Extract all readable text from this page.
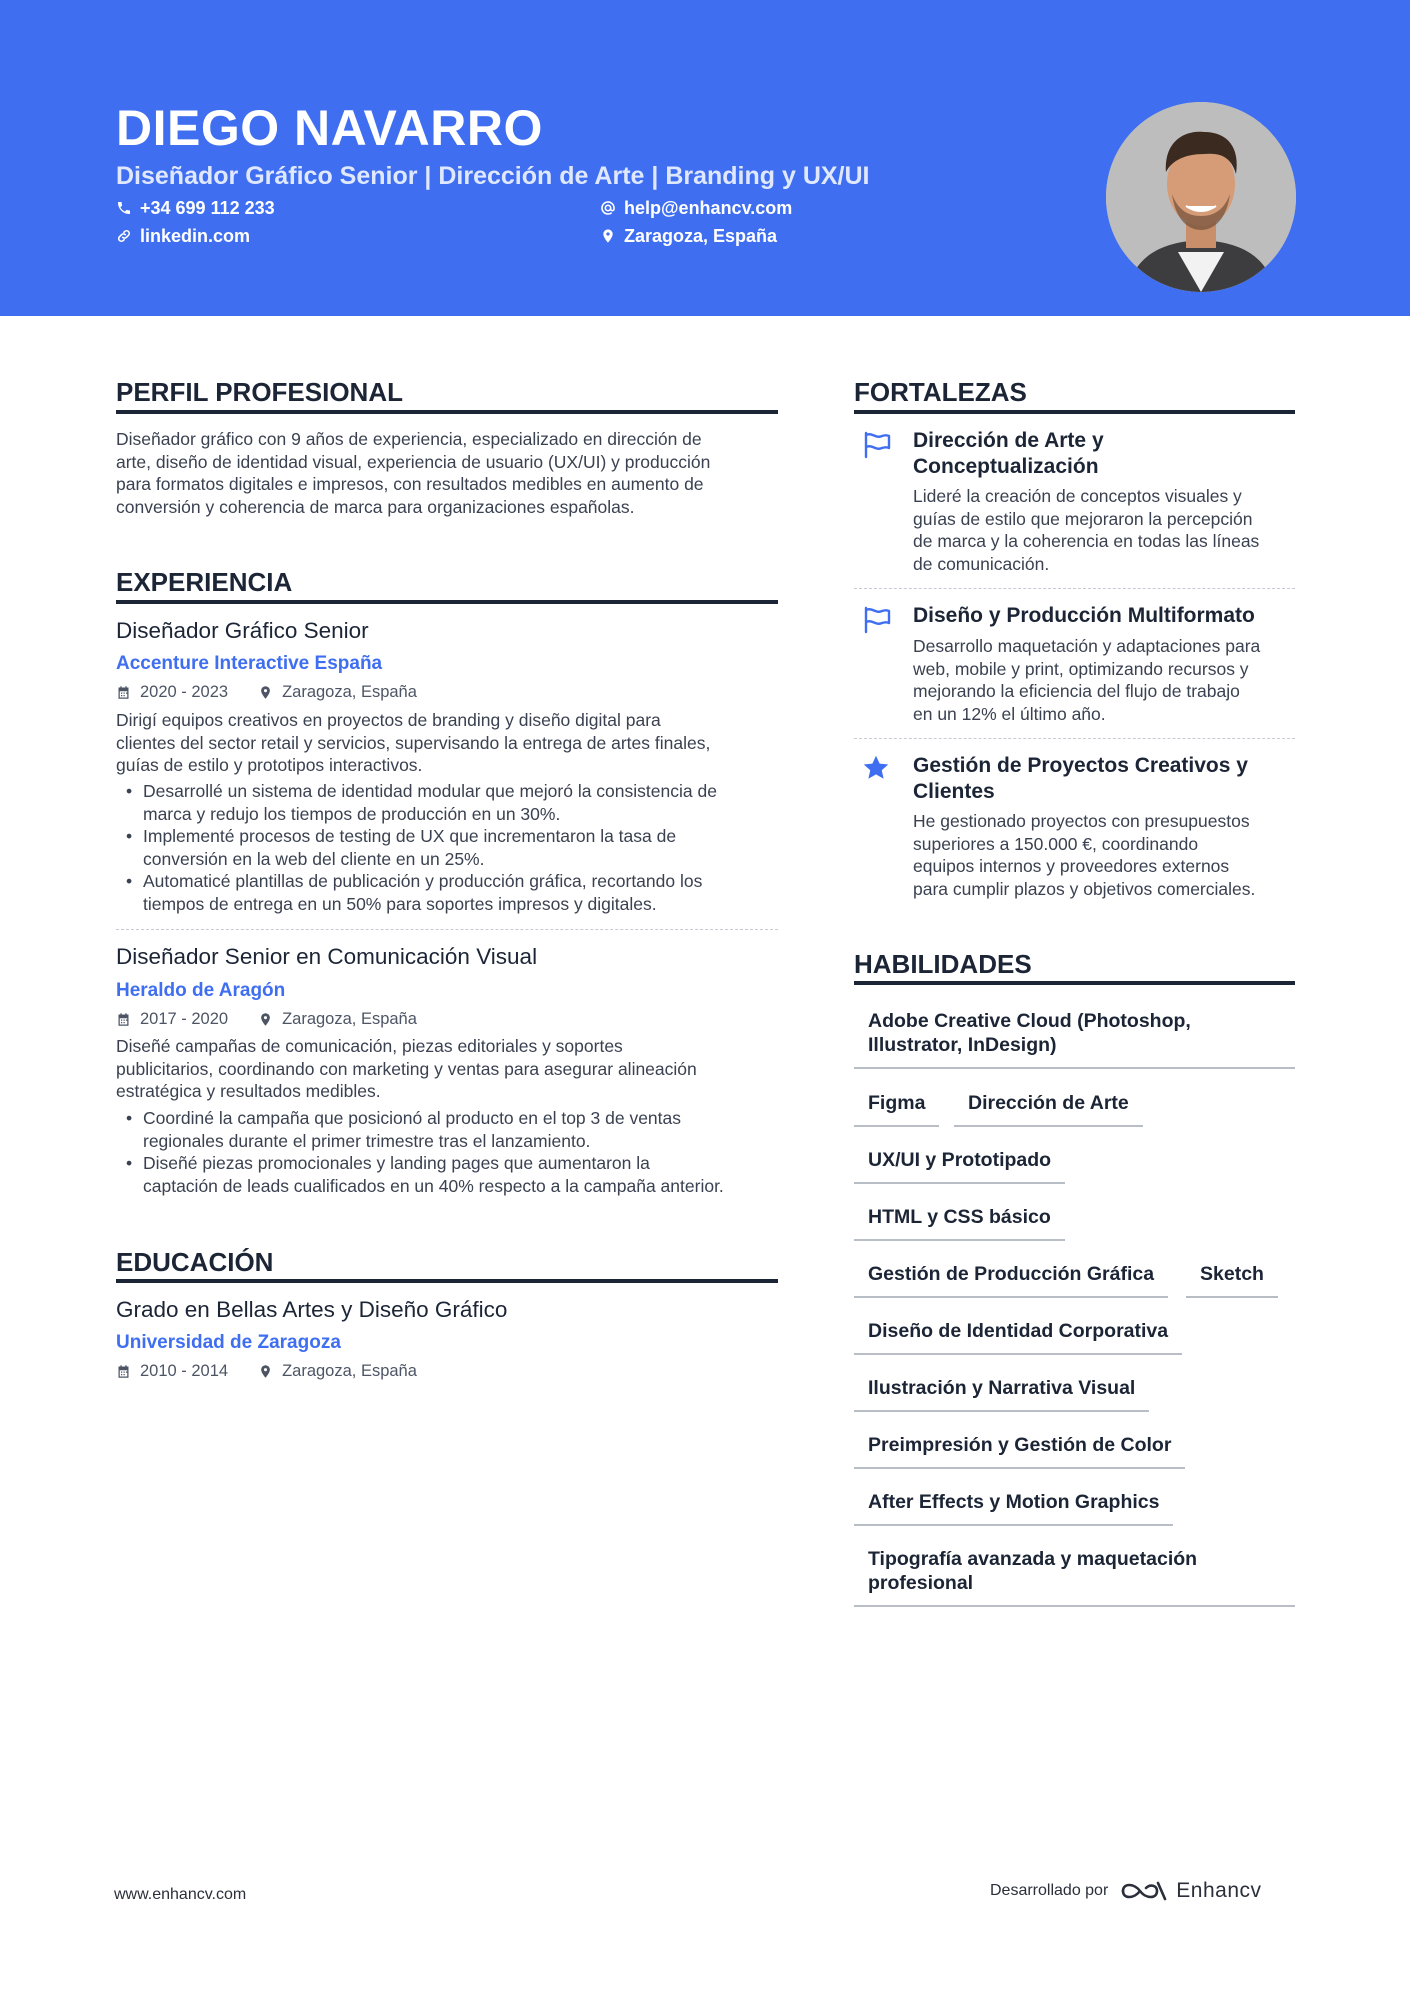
DIEGO NAVARRO
Diseñador Gráfico Senior | Dirección de Arte | Branding y UX/UI
+34 699 112 233	help@enhancv.com
linkedin.com	Zaragoza, España
PERFIL PROFESIONAL
Diseñador gráfico con 9 años de experiencia, especializado en dirección de
arte, diseño de identidad visual, experiencia de usuario (UX/UI) y producción
para formatos digitales e impresos, con resultados medibles en aumento de
conversión y coherencia de marca para organizaciones españolas.
EXPERIENCIA
Diseñador Gráfico Senior
Accenture Interactive España
2020 - 2023	Zaragoza, España
Dirigí equipos creativos en proyectos de branding y diseño digital para
clientes del sector retail y servicios, supervisando la entrega de artes finales,
guías de estilo y prototipos interactivos.
• Desarrollé un sistema de identidad modular que mejoró la consistencia de
marca y redujo los tiempos de producción en un 30%.
• Implementé procesos de testing de UX que incrementaron la tasa de
conversión en la web del cliente en un 25%.
• Automaticé plantillas de publicación y producción gráfica, recortando los
tiempos de entrega en un 50% para soportes impresos y digitales.
Diseñador Senior en Comunicación Visual
Heraldo de Aragón
2017 - 2020	Zaragoza, España
Diseñé campañas de comunicación, piezas editoriales y soportes
publicitarios, coordinando con marketing y ventas para asegurar alineación
estratégica y resultados medibles.
• Coordiné la campaña que posicionó al producto en el top 3 de ventas
regionales durante el primer trimestre tras el lanzamiento.
• Diseñé piezas promocionales y landing pages que aumentaron la
captación de leads cualificados en un 40% respecto a la campaña anterior.
EDUCACIÓN
Grado en Bellas Artes y Diseño Gráfico
Universidad de Zaragoza
2010 - 2014	Zaragoza, España
FORTALEZAS
Dirección de Arte y
Conceptualización
Lideré la creación de conceptos visuales y
guías de estilo que mejoraron la percepción
de marca y la coherencia en todas las líneas
de comunicación.
Diseño y Producción Multiformato
Desarrollo maquetación y adaptaciones para
web, mobile y print, optimizando recursos y
mejorando la eficiencia del flujo de trabajo
en un 12% el último año.
Gestión de Proyectos Creativos y
Clientes
He gestionado proyectos con presupuestos
superiores a 150.000 €, coordinando
equipos internos y proveedores externos
para cumplir plazos y objetivos comerciales.
HABILIDADES
Adobe Creative Cloud (Photoshop,
Illustrator, InDesign)
Figma	Dirección de Arte
UX/UI y Prototipado
HTML y CSS básico
Gestión de Producción Gráfica	Sketch
Diseño de Identidad Corporativa
Ilustración y Narrativa Visual
Preimpresión y Gestión de Color
After Effects y Motion Graphics
Tipografía avanzada y maquetación
profesional
www.enhancv.com	Desarrollado por	Enhancv
